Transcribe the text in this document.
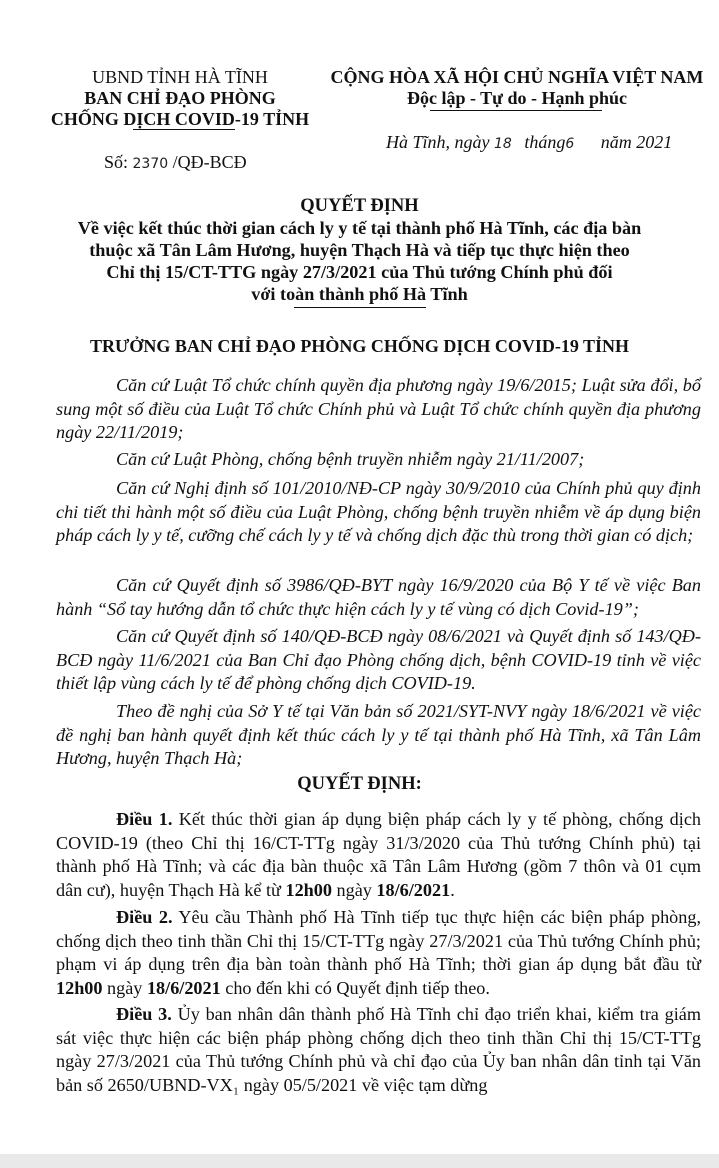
UBND TỈNH HÀ TĨNH
BAN CHỈ ĐẠO PHÒNG
CHỐNG DỊCH COVID-19 TỈNH
Số: 2370 /QĐ-BCĐ
CỘNG HÒA XÃ HỘI CHỦ NGHĨA VIỆT NAM
Độc lập - Tự do - Hạnh phúc
Hà Tĩnh, ngày 18 tháng6 năm 2021
QUYẾT ĐỊNH
Về việc kết thúc thời gian cách ly y tế tại thành phố Hà Tĩnh, các địa bàn
thuộc xã Tân Lâm Hương, huyện Thạch Hà và tiếp tục thực hiện theo
Chỉ thị 15/CT-TTG ngày 27/3/2021 của Thủ tướng Chính phủ đối
với toàn thành phố Hà Tĩnh
TRƯỞNG BAN CHỈ ĐẠO PHÒNG CHỐNG DỊCH COVID-19 TỈNH
Căn cứ Luật Tổ chức chính quyền địa phương ngày 19/6/2015; Luật sửa đổi, bổ sung một số điều của Luật Tổ chức Chính phủ và Luật Tổ chức chính quyền địa phương ngày 22/11/2019;
Căn cứ Luật Phòng, chống bệnh truyền nhiễm ngày 21/11/2007;
Căn cứ Nghị định số 101/2010/NĐ-CP ngày 30/9/2010 của Chính phủ quy định chi tiết thi hành một số điều của Luật Phòng, chống bệnh truyền nhiễm về áp dụng biện pháp cách ly y tế, cưỡng chế cách ly y tế và chống dịch đặc thù trong thời gian có dịch;
Căn cứ Quyết định số 3986/QĐ-BYT ngày 16/9/2020 của Bộ Y tế về việc Ban hành “Sổ tay hướng dẫn tổ chức thực hiện cách ly y tế vùng có dịch Covid-19”;
Căn cứ Quyết định số 140/QĐ-BCĐ ngày 08/6/2021 và Quyết định số 143/QĐ-BCĐ ngày 11/6/2021 của Ban Chỉ đạo Phòng chống dịch, bệnh COVID-19 tỉnh về việc thiết lập vùng cách ly tế để phòng chống dịch COVID-19.
Theo đề nghị của Sở Y tế tại Văn bản số 2021/SYT-NVY ngày 18/6/2021 về việc đề nghị ban hành quyết định kết thúc cách ly y tế tại thành phố Hà Tĩnh, xã Tân Lâm Hương, huyện Thạch Hà;
QUYẾT ĐỊNH:
Điều 1. Kết thúc thời gian áp dụng biện pháp cách ly y tế phòng, chống dịch COVID-19 (theo Chỉ thị 16/CT-TTg ngày 31/3/2020 của Thủ tướng Chính phủ) tại thành phố Hà Tĩnh; và các địa bàn thuộc xã Tân Lâm Hương (gồm 7 thôn và 01 cụm dân cư), huyện Thạch Hà kể từ 12h00 ngày 18/6/2021.
Điều 2. Yêu cầu Thành phố Hà Tĩnh tiếp tục thực hiện các biện pháp phòng, chống dịch theo tinh thần Chỉ thị 15/CT-TTg ngày 27/3/2021 của Thủ tướng Chính phủ; phạm vi áp dụng trên địa bàn toàn thành phố Hà Tĩnh; thời gian áp dụng bắt đầu từ 12h00 ngày 18/6/2021 cho đến khi có Quyết định tiếp theo.
Điều 3. Ủy ban nhân dân thành phố Hà Tĩnh chỉ đạo triển khai, kiểm tra giám sát việc thực hiện các biện pháp phòng chống dịch theo tinh thần Chỉ thị 15/CT-TTg ngày 27/3/2021 của Thủ tướng Chính phủ và chỉ đạo của Ủy ban nhân dân tỉnh tại Văn bản số 2650/UBND-VX₁ ngày 05/5/2021 về việc tạm dừng
